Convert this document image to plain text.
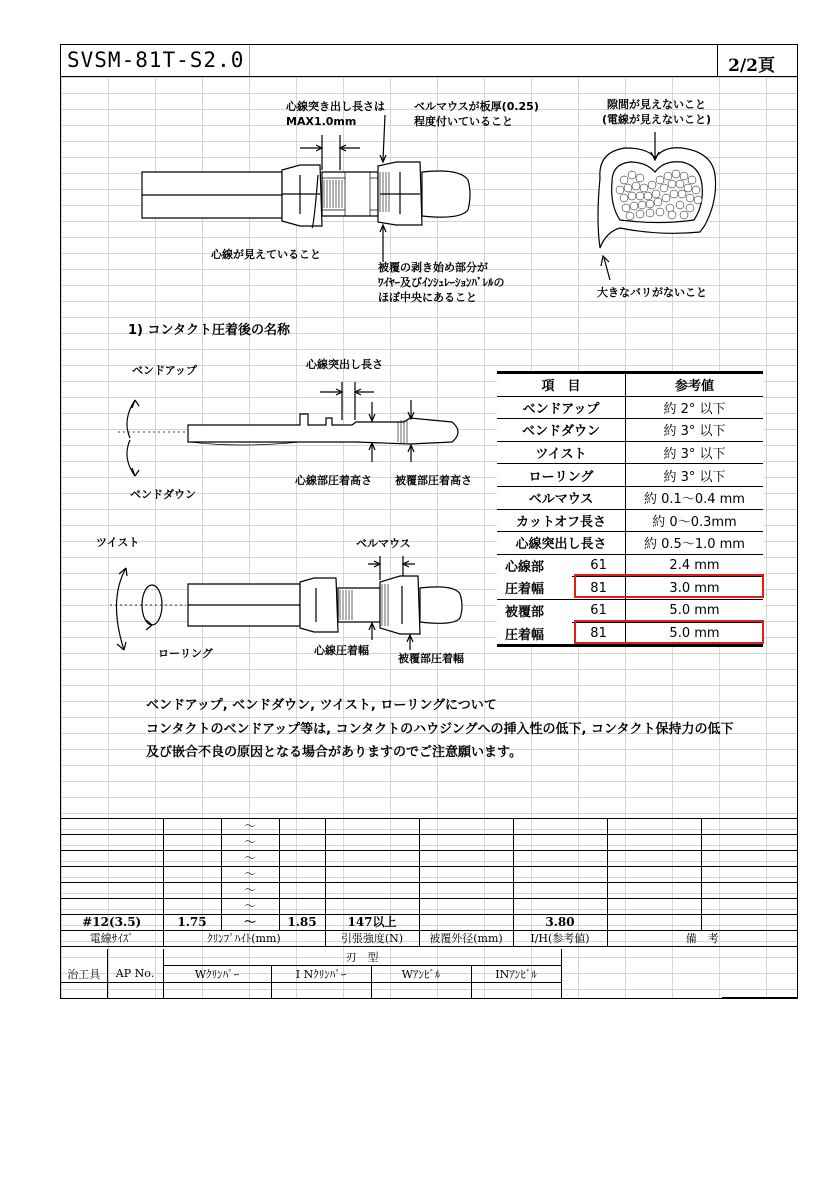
SVSM-81T-S2.0	2/2頁
心線突き出し長さは
MAX1.0mm
ベルマウスが板厚(0.25)
程度付いていること
心線が見えていること
被覆の剥き始め部分が
ﾜｲﾔｰ及びｲﾝｼｭﾚｰｼｮﾝﾊﾞﾚﾙの
ほぼ中央にあること
隙間が見えないこと
(電線が見えないこと)
大きなバリがないこと
1) コンタクト圧着後の名称
ベンドアップ
ベンドダウン
心線突出し長さ
心線部圧着高さ 被覆部圧着高さ
ツイスト
ローリング
ベルマウス
心線圧着幅
被覆部圧着幅
項　目		参考値
ベンドアップ		約 2° 以下
ベンドダウン		約 3° 以下
ツイスト		約 3° 以下
ローリング		約 3° 以下
ベルマウス		約 0.1～0.4 mm
カットオフ長さ		約 0～0.3mm
心線突出し長さ		約 0.5～1.0 mm
心線部	61	2.4 mm
圧着幅	81	3.0 mm
被覆部	61	5.0 mm
圧着幅	81	5.0 mm
ベンドアップ, ベンドダウン, ツイスト, ローリングについて
コンタクトのベンドアップ等は, コンタクトのハウジングへの挿入性の低下, コンタクト保持力の低下
及び嵌合不良の原因となる場合がありますのでご注意願います。
		～						
		～						
		～						
		～						
		～						
		～						
#12(3.5)	1.75	～	1.85	147以上		3.80		
電線ｻｲｽﾞ	ｸﾘﾝﾌﾟﾊｲﾄ(mm)			引張強度(N)	被覆外径(mm)	I/H(参考値)	備　考	
		刃　型				
治工具	AP No.	Wｸﾘﾝﾊﾟｰ	I Nｸﾘﾝﾊﾟｰ	Wｱﾝﾋﾞﾙ	INｱﾝﾋﾞﾙ	
